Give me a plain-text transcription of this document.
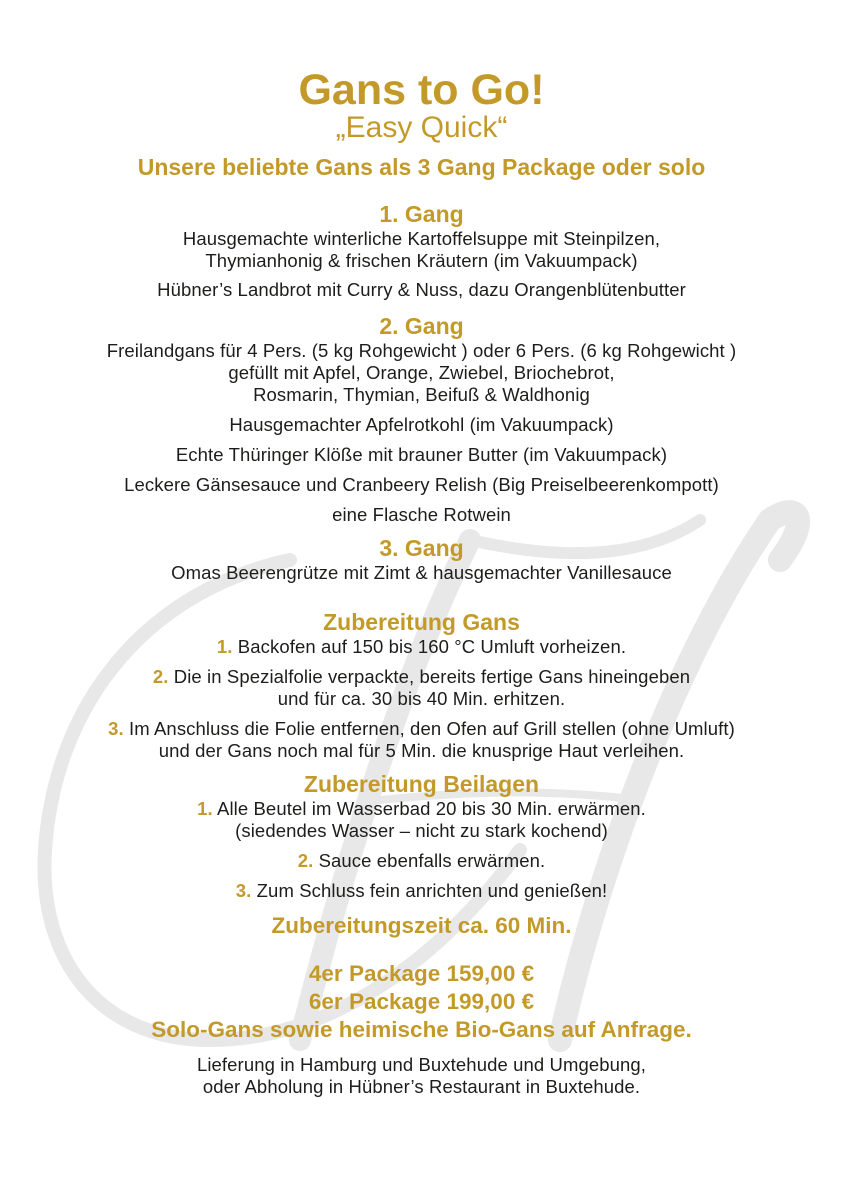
Gans to Go!
„Easy Quick“
Unsere beliebte Gans als 3 Gang Package oder solo
1. Gang
Hausgemachte winterliche Kartoffelsuppe mit Steinpilzen,
Thymianhonig & frischen Kräutern (im Vakuumpack)
Hübner’s Landbrot mit Curry & Nuss, dazu Orangenblütenbutter
2. Gang
Freilandgans für 4 Pers. (5 kg Rohgewicht ) oder 6 Pers. (6 kg Rohgewicht )
gefüllt mit Apfel, Orange, Zwiebel, Briochebrot,
Rosmarin, Thymian, Beifuß & Waldhonig
Hausgemachter Apfelrotkohl (im Vakuumpack)
Echte Thüringer Klöße mit brauner Butter (im Vakuumpack)
Leckere Gänsesauce und Cranbeery Relish (Big Preiselbeerenkompott)
eine Flasche Rotwein
3. Gang
Omas Beerengrütze mit Zimt & hausgemachter Vanillesauce
Zubereitung Gans
1. Backofen auf 150 bis 160 °C Umluft vorheizen.
2. Die in Spezialfolie verpackte, bereits fertige Gans hineingeben
und für ca. 30 bis 40 Min. erhitzen.
3. Im Anschluss die Folie entfernen, den Ofen auf Grill stellen (ohne Umluft)
und der Gans noch mal für 5 Min. die knusprige Haut verleihen.
Zubereitung Beilagen
1. Alle Beutel im Wasserbad 20 bis 30 Min. erwärmen.
(siedendes Wasser – nicht zu stark kochend)
2. Sauce ebenfalls erwärmen.
3. Zum Schluss fein anrichten und genießen!
Zubereitungszeit ca. 60 Min.
4er Package 159,00 €
6er Package 199,00 €
Solo-Gans sowie heimische Bio-Gans auf Anfrage.
Lieferung in Hamburg und Buxtehude und Umgebung,
oder Abholung in Hübner’s Restaurant in Buxtehude.
